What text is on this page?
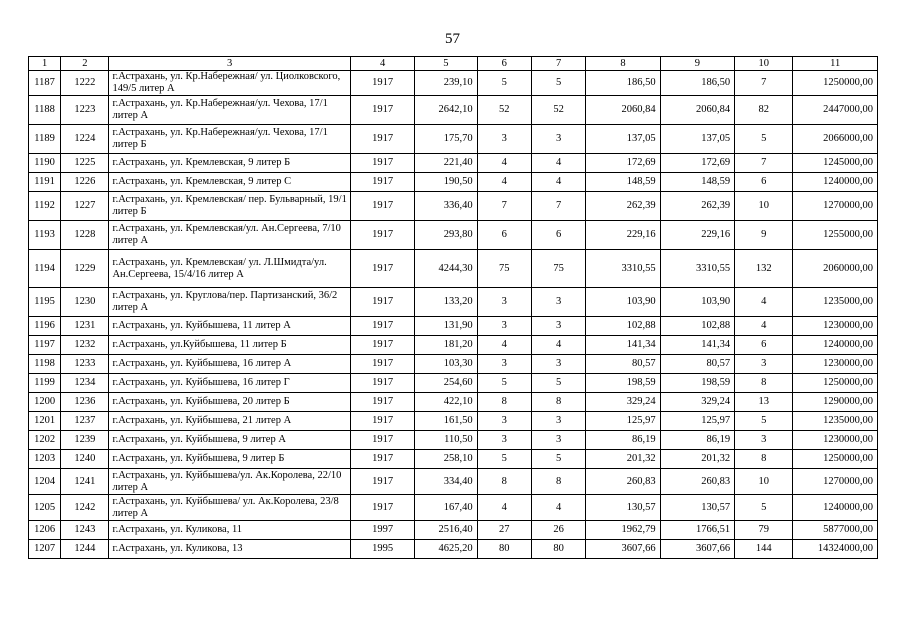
57
1	2	3	4	5	6	7	8	9	10	11
1187	1222	г.Астрахань, ул. Кр.Набережная/ ул. Циолковского, 149/5 литер А	1917	239,10	5	5	186,50	186,50	7	1250000,00
1188	1223	г.Астрахань, ул. Кр.Набережная/ул. Чехова, 17/1 литер А	1917	2642,10	52	52	2060,84	2060,84	82	2447000,00
1189	1224	г.Астрахань, ул. Кр.Набережная/ул. Чехова, 17/1 литер Б	1917	175,70	3	3	137,05	137,05	5	2066000,00
1190	1225	г.Астрахань, ул. Кремлевская, 9 литер Б	1917	221,40	4	4	172,69	172,69	7	1245000,00
1191	1226	г.Астрахань, ул. Кремлевская, 9 литер С	1917	190,50	4	4	148,59	148,59	6	1240000,00
1192	1227	г.Астрахань, ул. Кремлевская/ пер. Бульварный, 19/1 литер Б	1917	336,40	7	7	262,39	262,39	10	1270000,00
1193	1228	г.Астрахань, ул. Кремлевская/ул. Ан.Сергеева, 7/10 литер А	1917	293,80	6	6	229,16	229,16	9	1255000,00
1194	1229	г.Астрахань, ул. Кремлевская/ ул. Л.Шмидта/ул. Ан.Сергеева, 15/4/16 литер А	1917	4244,30	75	75	3310,55	3310,55	132	2060000,00
1195	1230	г.Астрахань, ул. Круглова/пер. Партизанский, 36/2 литер А	1917	133,20	3	3	103,90	103,90	4	1235000,00
1196	1231	г.Астрахань, ул. Куйбышева, 11 литер А	1917	131,90	3	3	102,88	102,88	4	1230000,00
1197	1232	г.Астрахань, ул.Куйбышева, 11 литер Б	1917	181,20	4	4	141,34	141,34	6	1240000,00
1198	1233	г.Астрахань, ул. Куйбышева, 16 литер А	1917	103,30	3	3	80,57	80,57	3	1230000,00
1199	1234	г.Астрахань, ул. Куйбышева, 16 литер Г	1917	254,60	5	5	198,59	198,59	8	1250000,00
1200	1236	г.Астрахань, ул. Куйбышева, 20 литер Б	1917	422,10	8	8	329,24	329,24	13	1290000,00
1201	1237	г.Астрахань, ул. Куйбышева, 21 литер А	1917	161,50	3	3	125,97	125,97	5	1235000,00
1202	1239	г.Астрахань, ул. Куйбышева, 9 литер А	1917	110,50	3	3	86,19	86,19	3	1230000,00
1203	1240	г.Астрахань, ул. Куйбышева, 9 литер Б	1917	258,10	5	5	201,32	201,32	8	1250000,00
1204	1241	г.Астрахань, ул. Куйбышева/ул. Ак.Королева, 22/10 литер А	1917	334,40	8	8	260,83	260,83	10	1270000,00
1205	1242	г.Астрахань, ул. Куйбышева/ ул. Ак.Королева, 23/8 литер А	1917	167,40	4	4	130,57	130,57	5	1240000,00
1206	1243	г.Астрахань, ул. Куликова, 11	1997	2516,40	27	26	1962,79	1766,51	79	5877000,00
1207	1244	г.Астрахань, ул. Куликова, 13	1995	4625,20	80	80	3607,66	3607,66	144	14324000,00
